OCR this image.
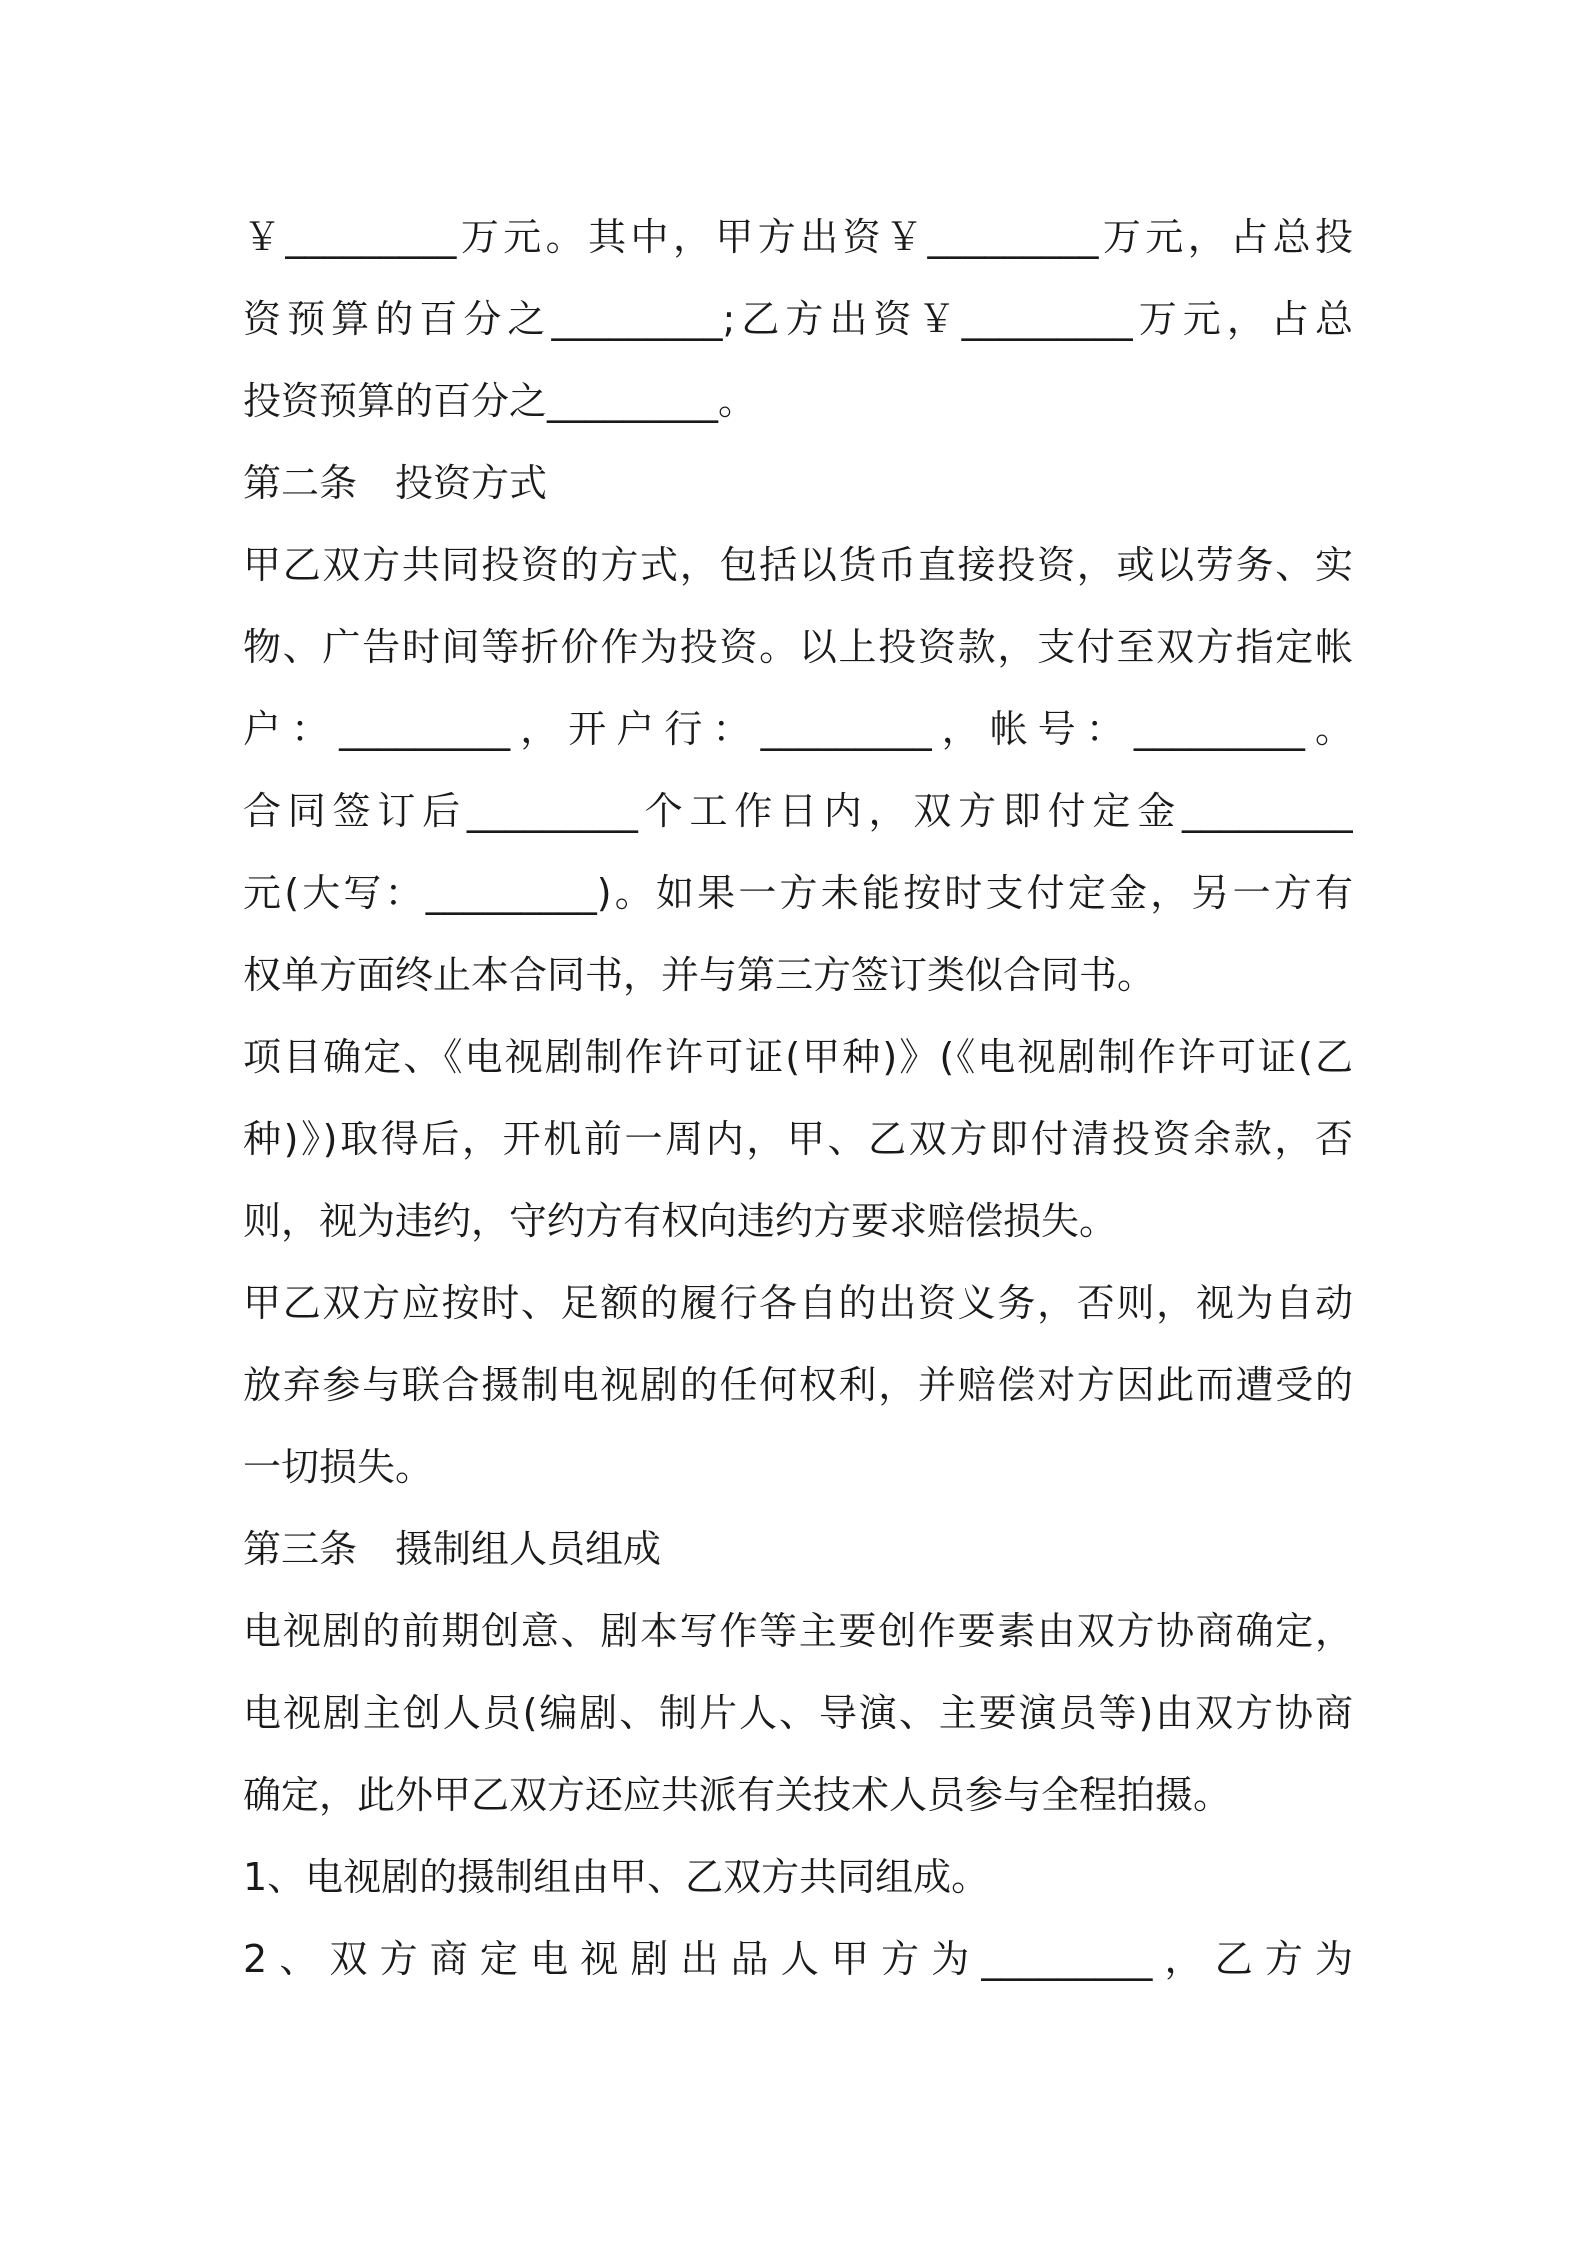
￥_________万元。其中，甲方出资￥_________万元，占总投
资预算的百分之_________;乙方出资￥_________万元，占总
投资预算的百分之_________。
第二条　投资方式
甲乙双方共同投资的方式，包括以货币直接投资，或以劳务、实
物、广告时间等折价作为投资。以上投资款，支付至双方指定帐
户：_________，开户行：_________，帐号：_________。
合同签订后_________个工作日内，双方即付定金_________
元(大写：_________)。如果一方未能按时支付定金，另一方有
权单方面终止本合同书，并与第三方签订类似合同书。
项目确定、《电视剧制作许可证(甲种)》(《电视剧制作许可证(乙
种)》)取得后，开机前一周内，甲、乙双方即付清投资余款，否
则，视为违约，守约方有权向违约方要求赔偿损失。
甲乙双方应按时、足额的履行各自的出资义务，否则，视为自动
放弃参与联合摄制电视剧的任何权利，并赔偿对方因此而遭受的
一切损失。
第三条　摄制组人员组成
电视剧的前期创意、剧本写作等主要创作要素由双方协商确定，
电视剧主创人员(编剧、制片人、导演、主要演员等)由双方协商
确定，此外甲乙双方还应共派有关技术人员参与全程拍摄。
1、电视剧的摄制组由甲、乙双方共同组成。
2、双方商定电视剧出品人甲方为_________，乙方为
